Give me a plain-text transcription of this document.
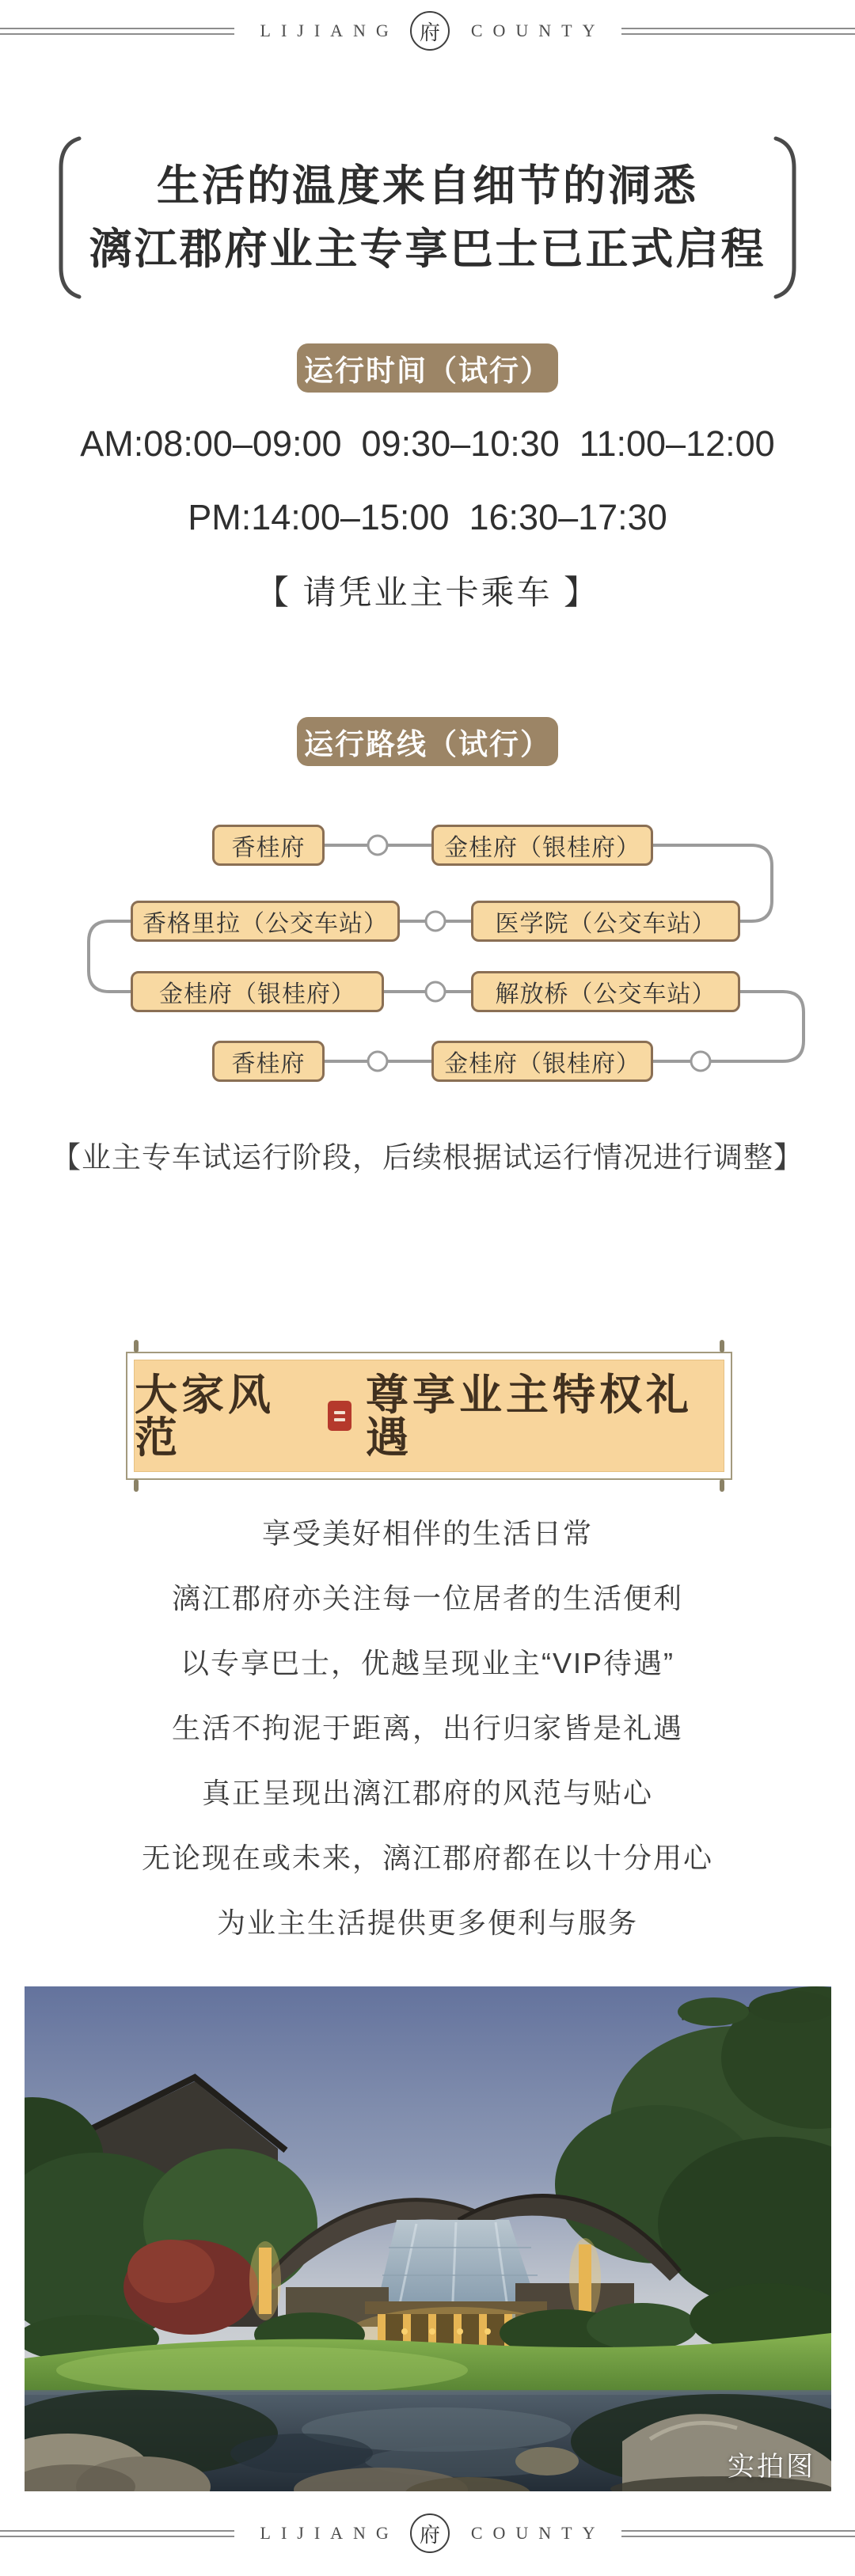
LIJIANG 府	COUNTY
生活的温度来自细节的洞悉
漓江郡府业主专享巴士已正式启程
运行时间（试行）
AM:08:00–09:00  09:30–10:30  11:00–12:00
PM:14:00–15:00  16:30–17:30
【 请凭业主卡乘车 】
运行路线（试行）
香桂府	金桂府（银桂府）
香格里拉（公交车站）	医学院（公交车站）
金桂府（银桂府）	解放桥（公交车站）
香桂府	金桂府（银桂府）
【业主专车试运行阶段，后续根据试运行情况进行调整】
大家风范
尊享业主特权礼遇
享受美好相伴的生活日常
漓江郡府亦关注每一位居者的生活便利
以专享巴士，优越呈现业主“VIP待遇”
生活不拘泥于距离，出行归家皆是礼遇
真正呈现出漓江郡府的风范与贴心
无论现在或未来，漓江郡府都在以十分用心
为业主生活提供更多便利与服务
实拍图
LIJIANG 府	COUNTY
